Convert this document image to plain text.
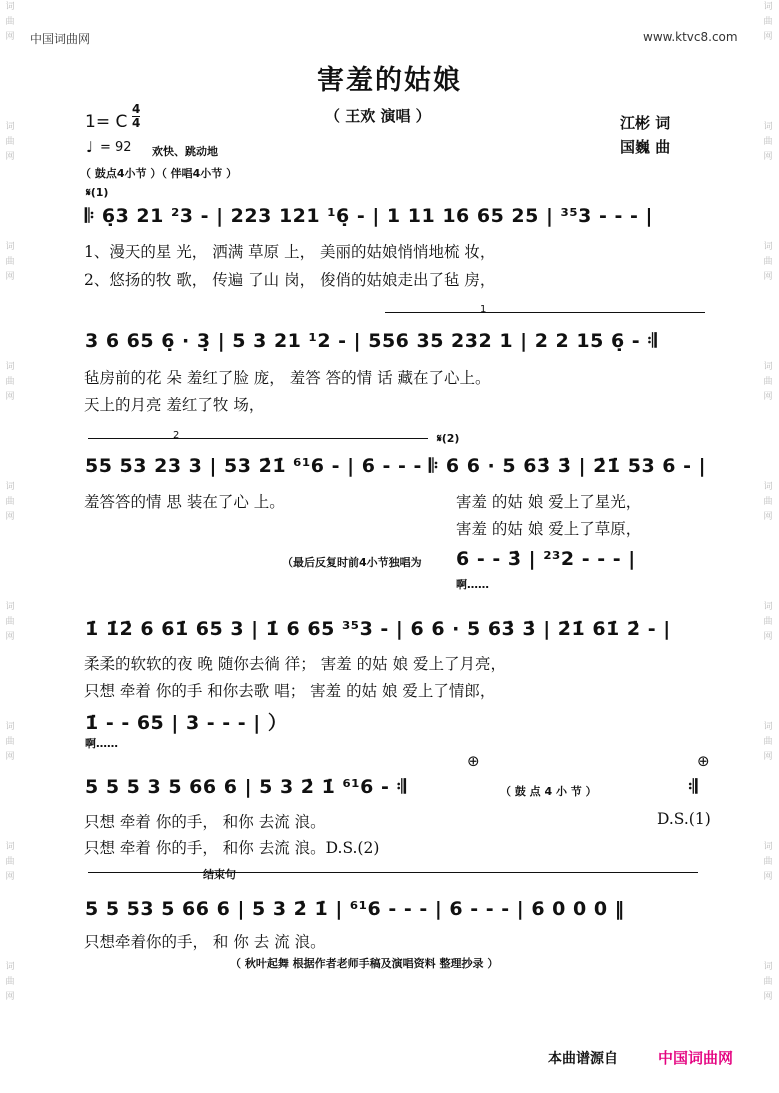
中国词曲网	www.ktvc8.com
词曲网
词曲网
词曲网
词曲网
词曲网
词曲网
词曲网
词曲网
词曲网
词曲网
词曲网
词曲网
词曲网
词曲网
词曲网
词曲网
词曲网
词曲网
害羞的姑娘
（ 王欢 演唱 ）	江彬 词
国巍 曲
1= C
4
4
♩ = 92 欢快、跳动地
（ 鼓点4小节 ）（ 伴唱4小节 ）
𝄋(1)
𝄆 6̣3 21 ²3 - | 223 121 ¹6̣ - | 1 11 16 65 25 | ³⁵3 - - - |
1、漫天的星 光， 洒满 草原 上， 美丽的姑娘悄悄地梳 妆，
2、悠扬的牧 歌， 传遍 了山 岗， 俊俏的姑娘走出了毡 房，
1
3 6 65 6̣ · 3̣ | 5 3 21 ¹2 - | 556 35 232 1 | 2 2 15 6̣ - 𝄇
毡房前的花 朵 羞红了脸 庞， 羞答 答的情 话 藏在了心上。
天上的月亮 羞红了牧 场，
2	𝄋(2)
55 53 23 3 | 53 2̇1̇ ⁶¹6 - | 6 - - - 𝄆 6 6 · 5 63̇ 3̇ | 2̇1̇ 53 6 - |
羞答答的情 思 装在了心 上。	害羞 的姑 娘 爱上了星光，
害羞 的姑 娘 爱上了草原，
（最后反复时前4小节独唱为 6 - - 3̇ | ²³2 - - - |
啊……
1̇ 1̇2̇ 6 61̇ 65 3 | 1̇ 6 65 ³⁵3 - | 6 6 · 5 63̇ 3̇ | 2̇1̇ 61̇ 2̇ - |
柔柔的软软的夜 晚 随你去徜 徉； 害羞 的姑 娘 爱上了月亮，
只想 牵着 你的手 和你去歌 唱； 害羞 的姑 娘 爱上了情郎，
1̇ - - 65 | 3 - - - | ）
啊……
⊕	⊕
5 5 5 3 5 66 6 | 5 3 2̇ 1̇ ⁶¹6 - 𝄇	（ 鼓 点 4 小 节 ）	𝄇
只想 牵着 你的手， 和你 去流 浪。	D.S.(1)
只想 牵着 你的手， 和你 去流 浪。D.S.(2)
结束句
5 5 53 5 66 6 | 5 3 2̇ 1̇ | ⁶¹6 - - - | 6 - - - | 6 0 0 0 ‖
只想牵着你的手， 和 你 去 流 浪。
（ 秋叶起舞 根据作者老师手稿及演唱资料 整理抄录 ）
本曲谱源自	中国词曲网
